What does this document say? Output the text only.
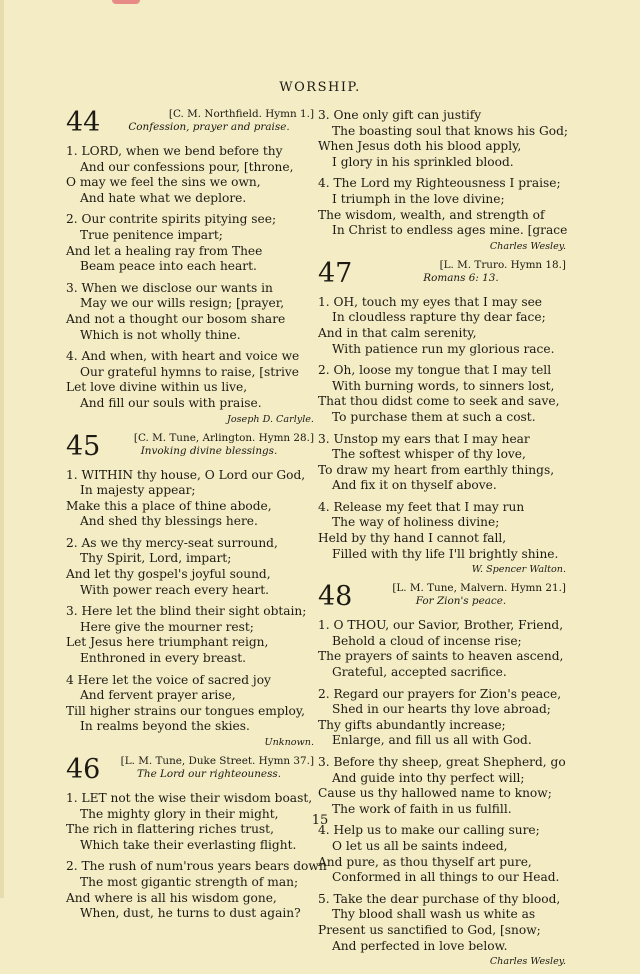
WORSHIP.
44	[C. M. Northfield. Hymn 1.]
Confession, prayer and praise.
1. LORD, when we bend before thy
And our confessions pour, [throne,
O may we feel the sins we own,
And hate what we deplore.
2. Our contrite spirits pitying see;
True penitence impart;
And let a healing ray from Thee
Beam peace into each heart.
3. When we disclose our wants in
May we our wills resign; [prayer,
And not a thought our bosom share
Which is not wholly thine.
4. And when, with heart and voice we
Our grateful hymns to raise, [strive
Let love divine within us live,
And fill our souls with praise.
Joseph D. Carlyle.
45	[C. M. Tune, Arlington. Hymn 28.]
Invoking divine blessings.
1. WITHIN thy house, O Lord our God,
In majesty appear;
Make this a place of thine abode,
And shed thy blessings here.
2. As we thy mercy-seat surround,
Thy Spirit, Lord, impart;
And let thy gospel's joyful sound,
With power reach every heart.
3. Here let the blind their sight obtain;
Here give the mourner rest;
Let Jesus here triumphant reign,
Enthroned in every breast.
4 Here let the voice of sacred joy
And fervent prayer arise,
Till higher strains our tongues employ,
In realms beyond the skies.
Unknown.
46	[L. M. Tune, Duke Street. Hymn 37.]
The Lord our righteouness.
1. LET not the wise their wisdom boast,
The mighty glory in their might,
The rich in flattering riches trust,
Which take their everlasting flight.
2. The rush of num'rous years bears down
The most gigantic strength of man;
And where is all his wisdom gone,
When, dust, he turns to dust again?
3. One only gift can justify
The boasting soul that knows his God;
When Jesus doth his blood apply,
I glory in his sprinkled blood.
4. The Lord my Righteousness I praise;
I triumph in the love divine;
The wisdom, wealth, and strength of
In Christ to endless ages mine. [grace
Charles Wesley.
47	[L. M. Truro. Hymn 18.]
Romans 6: 13.
1. OH, touch my eyes that I may see
In cloudless rapture thy dear face;
And in that calm serenity,
With patience run my glorious race.
2. Oh, loose my tongue that I may tell
With burning words, to sinners lost,
That thou didst come to seek and save,
To purchase them at such a cost.
3. Unstop my ears that I may hear
The softest whisper of thy love,
To draw my heart from earthly things,
And fix it on thyself above.
4. Release my feet that I may run
The way of holiness divine;
Held by thy hand I cannot fall,
Filled with thy life I'll brightly shine.
W. Spencer Walton.
48	[L. M. Tune, Malvern. Hymn 21.]
For Zion's peace.
1. O THOU, our Savior, Brother, Friend,
Behold a cloud of incense rise;
The prayers of saints to heaven ascend,
Grateful, accepted sacrifice.
2. Regard our prayers for Zion's peace,
Shed in our hearts thy love abroad;
Thy gifts abundantly increase;
Enlarge, and fill us all with God.
3. Before thy sheep, great Shepherd, go
And guide into thy perfect will;
Cause us thy hallowed name to know;
The work of faith in us fulfill.
4. Help us to make our calling sure;
O let us all be saints indeed,
And pure, as thou thyself art pure,
Conformed in all things to our Head.
5. Take the dear purchase of thy blood,
Thy blood shall wash us white as
Present us sanctified to God, [snow;
And perfected in love below.
Charles Wesley.
15
